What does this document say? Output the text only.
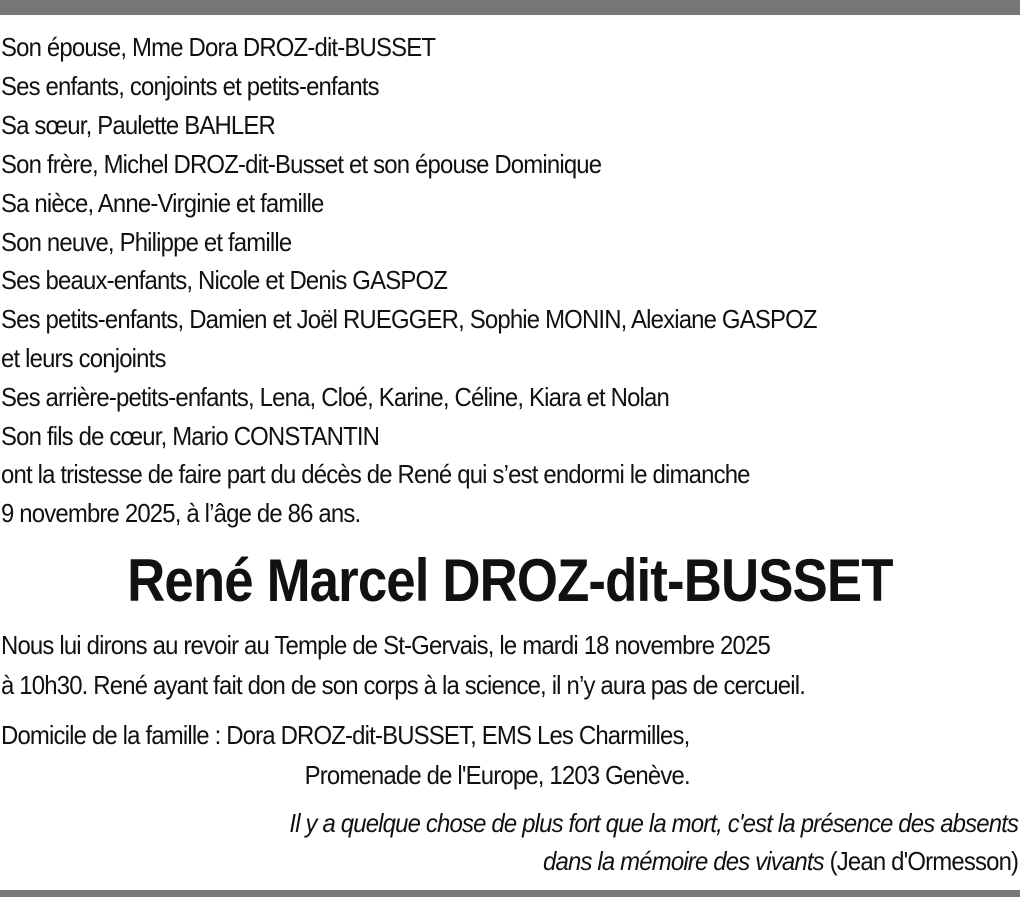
Son épouse, Mme Dora DROZ-dit-BUSSET
Ses enfants, conjoints et petits-enfants
Sa sœur, Paulette BAHLER
Son frère, Michel DROZ-dit-Busset et son épouse Dominique
Sa nièce, Anne-Virginie et famille
Son neuve, Philippe et famille
Ses beaux-enfants, Nicole et Denis GASPOZ
Ses petits-enfants, Damien et Joël RUEGGER, Sophie MONIN, Alexiane GASPOZ
et leurs conjoints
Ses arrière-petits-enfants, Lena, Cloé, Karine, Céline, Kiara et Nolan
Son fils de cœur, Mario CONSTANTIN
ont la tristesse de faire part du décès de René qui s’est endormi le dimanche
9 novembre 2025, à l’âge de 86 ans.
René Marcel DROZ-dit-BUSSET
Nous lui dirons au revoir au Temple de St-Gervais, le mardi 18 novembre 2025
à 10h30. René ayant fait don de son corps à la science, il n’y aura pas de cercueil.
Domicile de la famille : Dora DROZ-dit-BUSSET, EMS Les Charmilles,
Promenade de l'Europe, 1203 Genève.
Il y a quelque chose de plus fort que la mort, c'est la présence des absents
dans la mémoire des vivants (Jean d'Ormesson)
